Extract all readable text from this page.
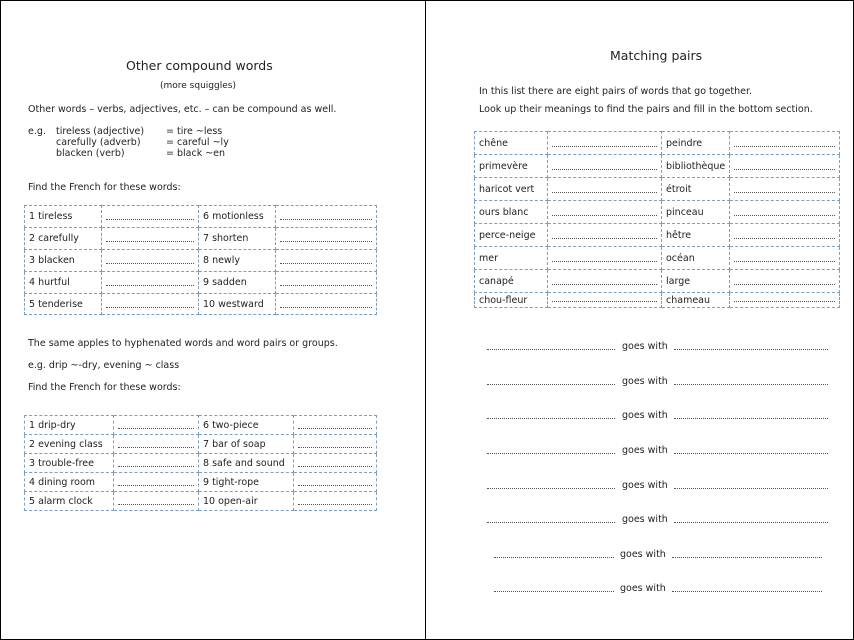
Other compound words
(more squiggles)
Other words – verbs, adjectives, etc. – can be compound as well.
e.g. tireless (adjective) = tire ~less
carefully (adverb)	= careful ~ly
blacken (verb)	= black ~en
Find the French for these words:
1 tireless		6 motionless	

2 carefully		7 shorten	

3 blacken		8 newly	

4 hurtful		9 sadden	

5 tenderise		10 westward	
The same apples to hyphenated words and word pairs or groups.
e.g. drip ~-dry, evening ~ class
Find the French for these words:
1 drip-dry		6 two-piece	

2 evening class		7 bar of soap	

3 trouble-free		8 safe and sound	

4 dining room		9 tight-rope	

5 alarm clock		10 open-air	
Matching pairs
In this list there are eight pairs of words that go together.
Look up their meanings to find the pairs and fill in the bottom section.
chêne		peindre	

primevère		bibliothèque	

haricot vert		étroit	

ours blanc		pinceau	

perce-neige		hêtre	

mer		océan	

canapé		large	

chou-fleur		chameau	
goes with
goes with
goes with
goes with
goes with
goes with
goes with
goes with
